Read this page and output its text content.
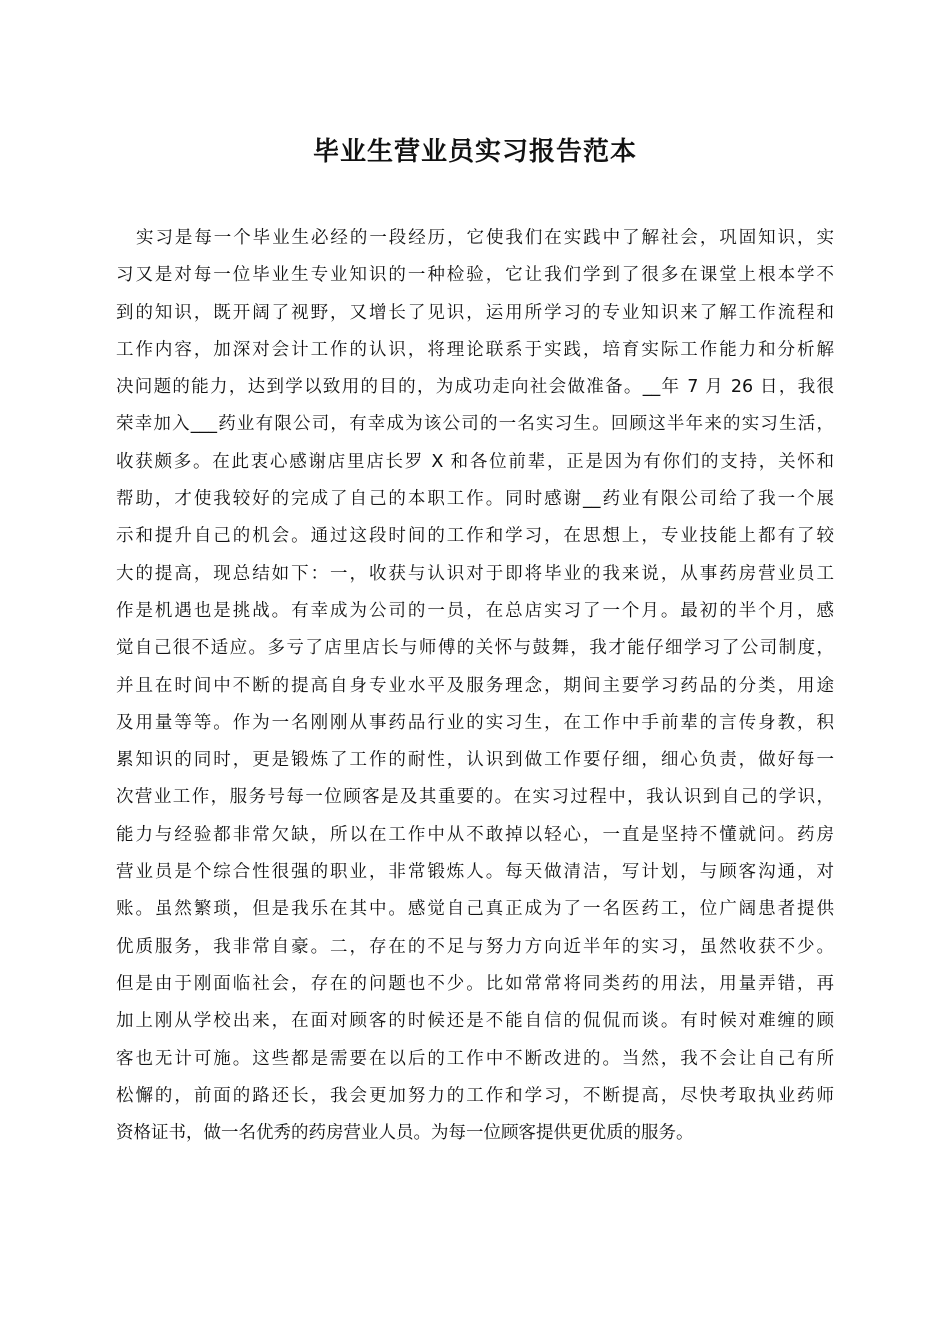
毕业生营业员实习报告范本
实习是每一个毕业生必经的一段经历，它使我们在实践中了解社会，巩固知识，实
习又是对每一位毕业生专业知识的一种检验，它让我们学到了很多在课堂上根本学不
到的知识，既开阔了视野，又增长了见识，运用所学习的专业知识来了解工作流程和
工作内容，加深对会计工作的认识，将理论联系于实践，培育实际工作能力和分析解
决问题的能力，达到学以致用的目的，为成功走向社会做准备。__年 7 月 26 日，我很
荣幸加入___药业有限公司，有幸成为该公司的一名实习生。回顾这半年来的实习生活，
收获颇多。在此衷心感谢店里店长罗 X 和各位前辈，正是因为有你们的支持，关怀和
帮助，才使我较好的完成了自己的本职工作。同时感谢__药业有限公司给了我一个展
示和提升自己的机会。通过这段时间的工作和学习，在思想上，专业技能上都有了较
大的提高，现总结如下：一，收获与认识对于即将毕业的我来说，从事药房营业员工
作是机遇也是挑战。有幸成为公司的一员，在总店实习了一个月。最初的半个月，感
觉自己很不适应。多亏了店里店长与师傅的关怀与鼓舞，我才能仔细学习了公司制度，
并且在时间中不断的提高自身专业水平及服务理念，期间主要学习药品的分类，用途
及用量等等。作为一名刚刚从事药品行业的实习生，在工作中手前辈的言传身教，积
累知识的同时，更是锻炼了工作的耐性，认识到做工作要仔细，细心负责，做好每一
次营业工作，服务号每一位顾客是及其重要的。在实习过程中，我认识到自己的学识，
能力与经验都非常欠缺，所以在工作中从不敢掉以轻心，一直是坚持不懂就问。药房
营业员是个综合性很强的职业，非常锻炼人。每天做清洁，写计划，与顾客沟通，对
账。虽然繁琐，但是我乐在其中。感觉自己真正成为了一名医药工，位广阔患者提供
优质服务，我非常自豪。二，存在的不足与努力方向近半年的实习，虽然收获不少。
但是由于刚面临社会，存在的问题也不少。比如常常将同类药的用法，用量弄错，再
加上刚从学校出来，在面对顾客的时候还是不能自信的侃侃而谈。有时候对难缠的顾
客也无计可施。这些都是需要在以后的工作中不断改进的。当然，我不会让自己有所
松懈的，前面的路还长，我会更加努力的工作和学习，不断提高，尽快考取执业药师
资格证书，做一名优秀的药房营业人员。为每一位顾客提供更优质的服务。
